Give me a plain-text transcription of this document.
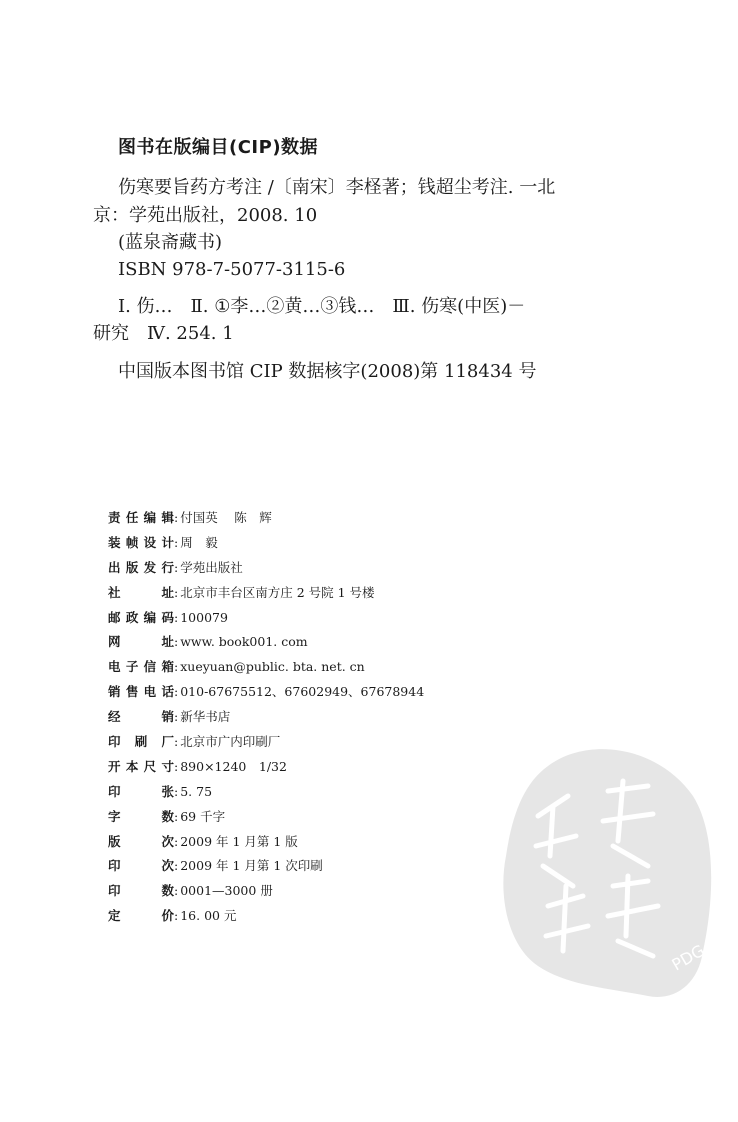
图书在版编目(CIP)数据
伤寒要旨药方考注 /〔南宋〕李柽著；钱超尘考注. 一北
京：学苑出版社，2008. 10
(蓝泉斋藏书)
ISBN 978-7-5077-3115-6
Ⅰ. 伤…　Ⅱ. ①李…②黄…③钱…　Ⅲ. 伤寒(中医)－
研究　Ⅳ. 254. 1
中国版本图书馆 CIP 数据核字(2008)第 118434 号
责任编辑 : 付国英　 陈　辉
装帧设计 : 周　毅
出版发行 : 学苑出版社
社址 : 北京市丰台区南方庄 2 号院 1 号楼
邮政编码 : 100079
网址 : www. book001. com
电子信箱 : xueyuan@public. bta. net. cn
销售电话 : 010-67675512、67602949、67678944
经销 : 新华书店
印刷厂 : 北京市广内印刷厂
开本尺寸 : 890×1240　1/32
印张 : 5. 75
字数 : 69 千字
版次 : 2009 年 1 月第 1 版
印次 : 2009 年 1 月第 1 次印刷
印数 : 0001—3000 册
定价 : 16. 00 元
PDG
